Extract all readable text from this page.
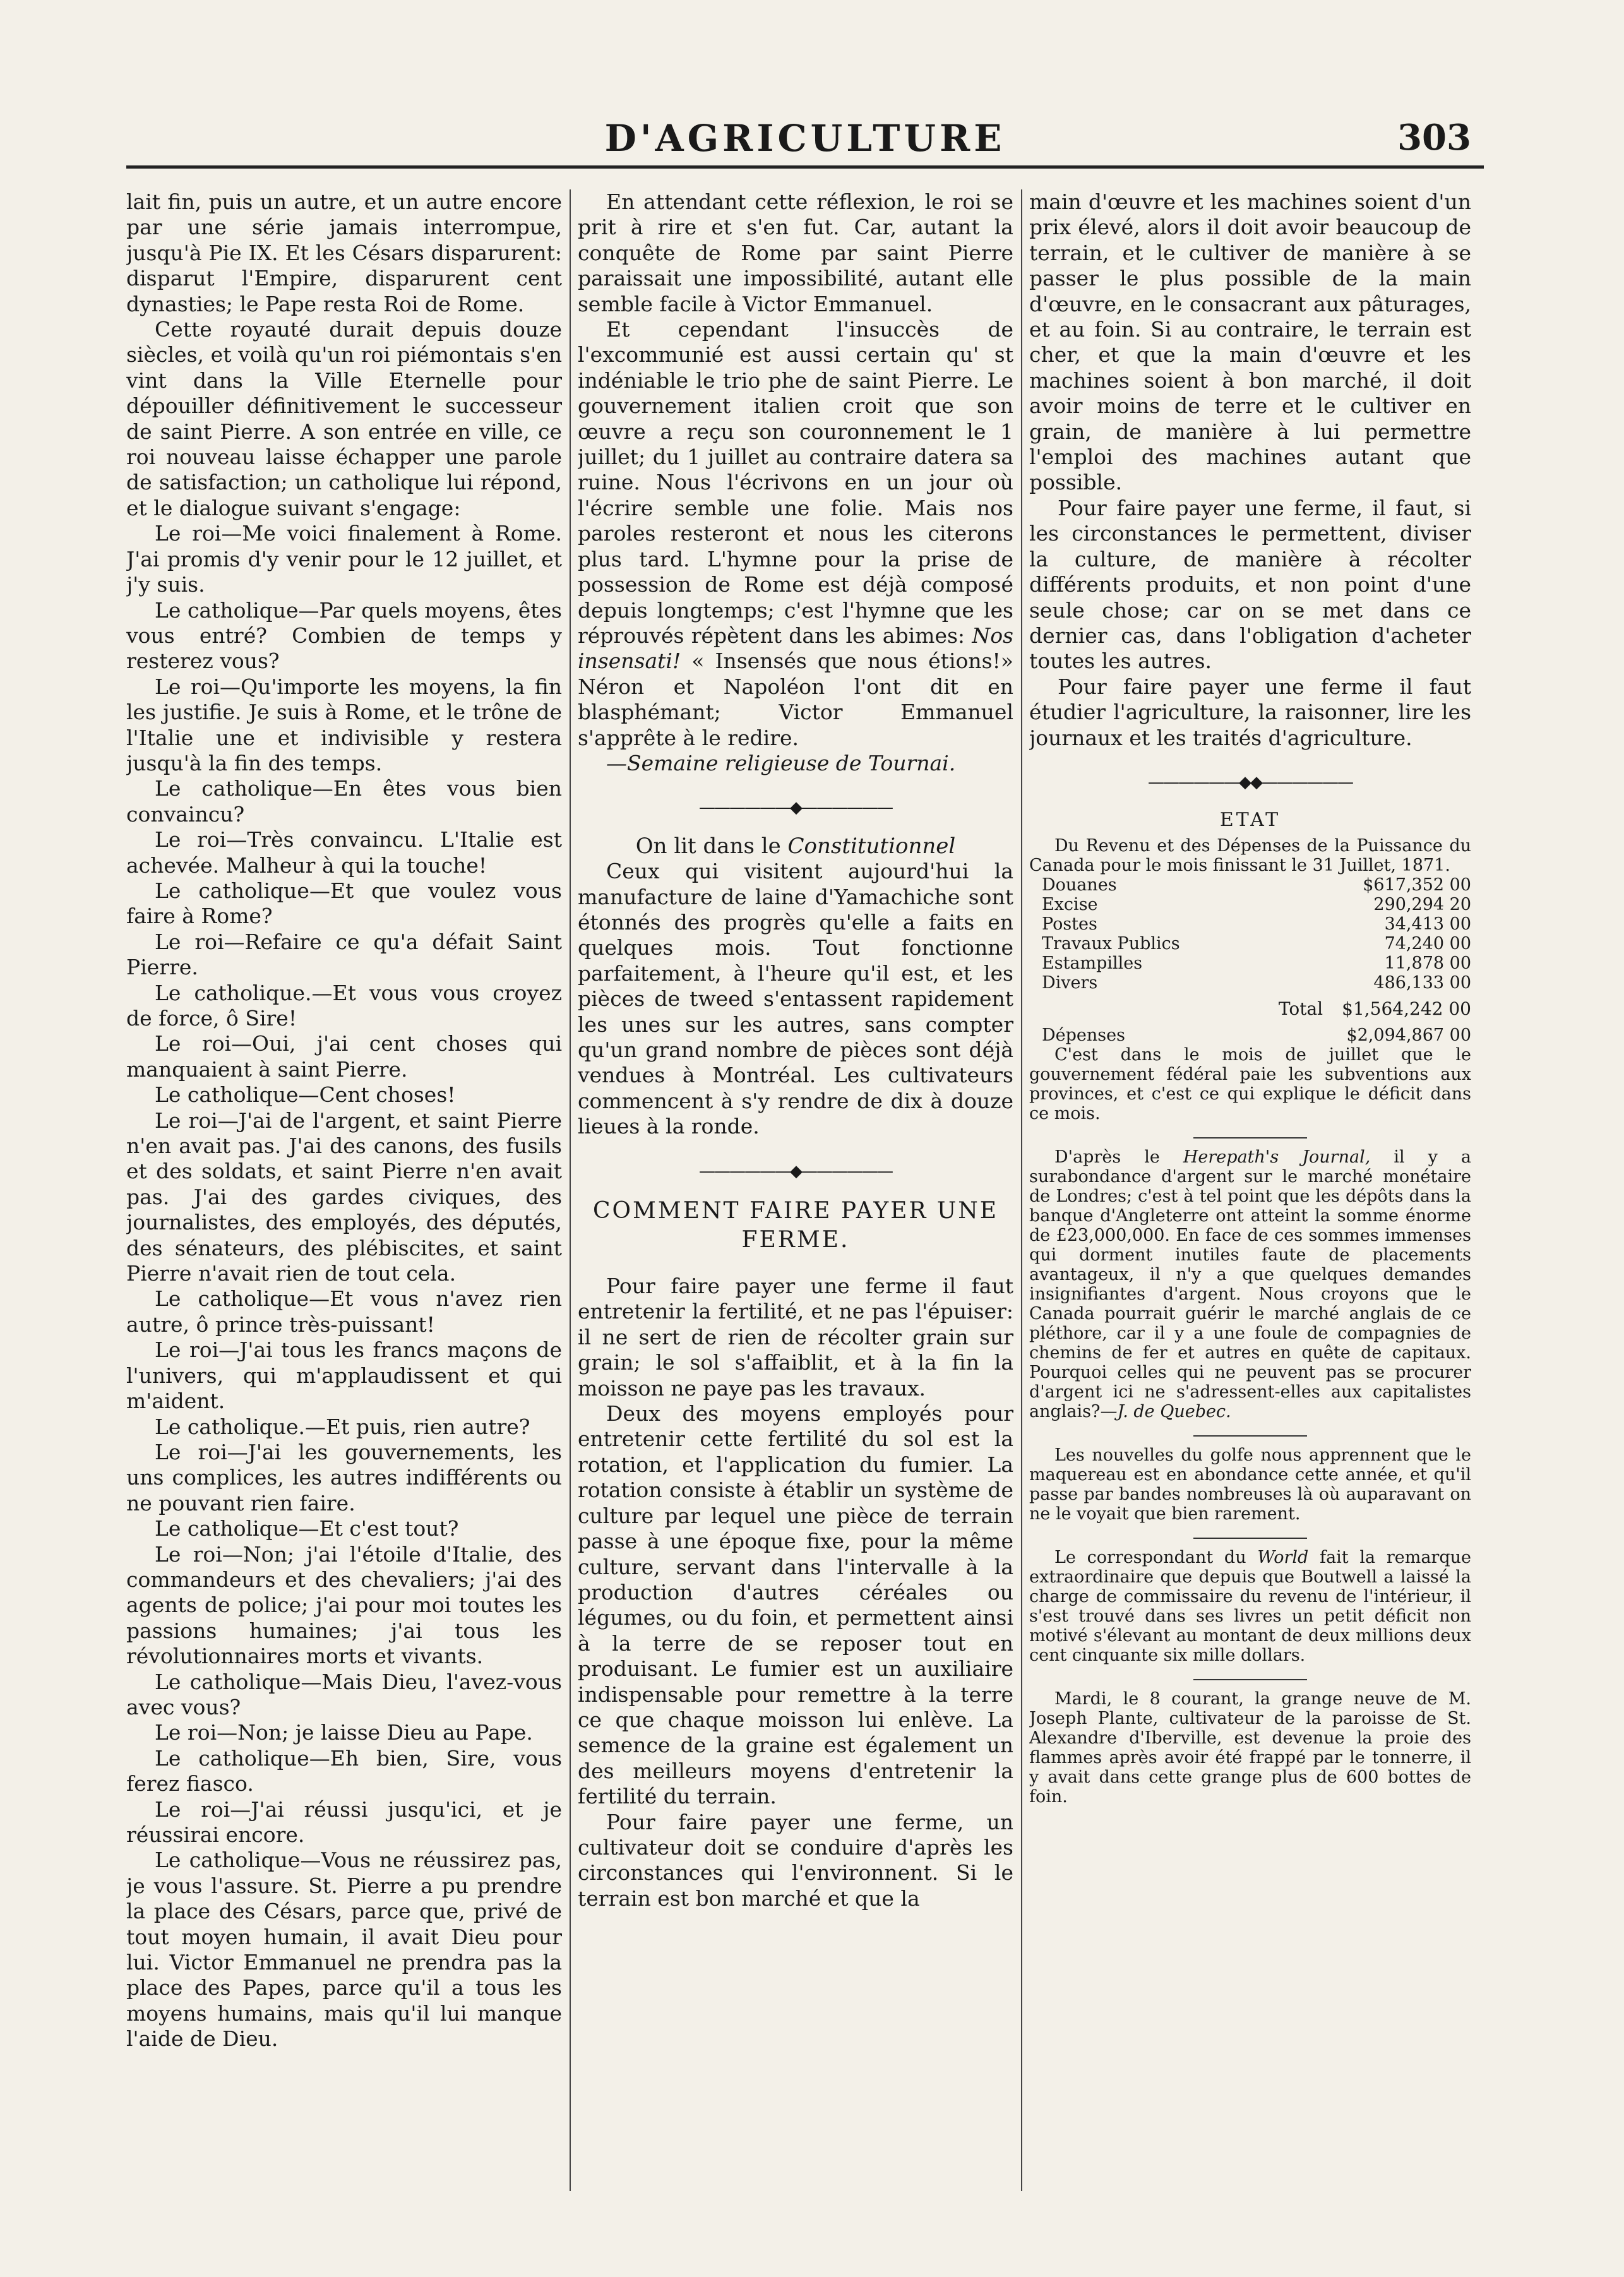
D'AGRICULTURE	303

lait fin, puis un autre, et un autre encore par une série jamais interrompue, jusqu'à Pie IX. Et les Césars disparurent: disparut l'Empire, disparurent cent dynasties; le Pape resta Roi de Rome.

Cette royauté durait depuis douze siècles, et voilà qu'un roi piémontais s'en vint dans la Ville Eternelle pour dépouiller définitivement le successeur de saint Pierre. A son entrée en ville, ce roi nouveau laisse échapper une parole de satisfaction; un catholique lui répond, et le dialogue suivant s'engage:

Le roi—Me voici finalement à Rome. J'ai promis d'y venir pour le 12 juillet, et j'y suis.

Le catholique—Par quels moyens, êtes vous entré? Combien de temps y resterez vous?

Le roi—Qu'importe les moyens, la fin les justifie. Je suis à Rome, et le trône de l'Italie une et indivisible y restera jusqu'à la fin des temps.

Le catholique—En êtes vous bien convaincu?

Le roi—Très convaincu. L'Italie est achevée. Malheur à qui la touche!

Le catholique—Et que voulez vous faire à Rome?

Le roi—Refaire ce qu'a défait Saint Pierre.

Le catholique.—Et vous vous croyez de force, ô Sire!

Le roi—Oui, j'ai cent choses qui manquaient à saint Pierre.

Le catholique—Cent choses!

Le roi—J'ai de l'argent, et saint Pierre n'en avait pas. J'ai des canons, des fusils et des soldats, et saint Pierre n'en avait pas. J'ai des gardes civiques, des journalistes, des employés, des députés, des sénateurs, des plébiscites, et saint Pierre n'avait rien de tout cela.

Le catholique—Et vous n'avez rien autre, ô prince très-puissant!

Le roi—J'ai tous les francs maçons de l'univers, qui m'applaudissent et qui m'aident.

Le catholique.—Et puis, rien autre?

Le roi—J'ai les gouvernements, les uns complices, les autres indifférents ou ne pouvant rien faire.

Le catholique—Et c'est tout?

Le roi—Non; j'ai l'étoile d'Italie, des commandeurs et des chevaliers; j'ai des agents de police; j'ai pour moi toutes les passions humaines; j'ai tous les révolutionnaires morts et vivants.

Le catholique—Mais Dieu, l'avez-vous avec vous?

Le roi—Non; je laisse Dieu au Pape.

Le catholique—Eh bien, Sire, vous ferez fiasco.

Le roi—J'ai réussi jusqu'ici, et je réussirai encore.

Le catholique—Vous ne réussirez pas, je vous l'assure. St. Pierre a pu prendre la place des Césars, parce que, privé de tout moyen humain, il avait Dieu pour lui. Victor Emmanuel ne prendra pas la place des Papes, parce qu'il a tous les moyens humains, mais qu'il lui manque l'aide de Dieu.

En attendant cette réflexion, le roi se prit à rire et s'en fut. Car, autant la conquête de Rome par saint Pierre paraissait une impossibilité, autant elle semble facile à Victor Emmanuel.

Et cependant l'insuccès de l'excommunié est aussi certain qu' st indéniable le trio phe de saint Pierre. Le gouvernement italien croit que son œuvre a reçu son couronnement le 1 juillet; du 1 juillet au contraire datera sa ruine. Nous l'écrivons en un jour où l'écrire semble une folie. Mais nos paroles resteront et nous les citerons plus tard. L'hymne pour la prise de possession de Rome est déjà composé depuis longtemps; c'est l'hymne que les réprouvés répètent dans les abimes: Nos insensati! « Insensés que nous étions!» Néron et Napoléon l'ont dit en blasphémant; Victor Emmanuel s'apprête à le redire.

—Semaine religieuse de Tournai.

——————◆——————

On lit dans le Constitutionnel

Ceux qui visitent aujourd'hui la manufacture de laine d'Yamachiche sont étonnés des progrès qu'elle a faits en quelques mois. Tout fonctionne parfaitement, à l'heure qu'il est, et les pièces de tweed s'entassent rapidement les unes sur les autres, sans compter qu'un grand nombre de pièces sont déjà vendues à Montréal. Les cultivateurs commencent à s'y rendre de dix à douze lieues à la ronde.

——————◆——————
COMMENT FAIRE PAYER UNE FERME.

Pour faire payer une ferme il faut entretenir la fertilité, et ne pas l'épuiser: il ne sert de rien de récolter grain sur grain; le sol s'affaiblit, et à la fin la moisson ne paye pas les travaux.

Deux des moyens employés pour entretenir cette fertilité du sol est la rotation, et l'application du fumier. La rotation consiste à établir un système de culture par lequel une pièce de terrain passe à une époque fixe, pour la même culture, servant dans l'intervalle à la production d'autres céréales ou légumes, ou du foin, et permettent ainsi à la terre de se reposer tout en produisant. Le fumier est un auxiliaire indispensable pour remettre à la terre ce que chaque moisson lui enlève. La semence de la graine est également un des meilleurs moyens d'entretenir la fertilité du terrain.

Pour faire payer une ferme, un cultivateur doit se conduire d'après les circonstances qui l'environnent. Si le terrain est bon marché et que la

main d'œuvre et les machines soient d'un prix élevé, alors il doit avoir beaucoup de terrain, et le cultiver de manière à se passer le plus possible de la main d'œuvre, en le consacrant aux pâturages, et au foin. Si au contraire, le terrain est cher, et que la main d'œuvre et les machines soient à bon marché, il doit avoir moins de terre et le cultiver en grain, de manière à lui permettre l'emploi des machines autant que possible.

Pour faire payer une ferme, il faut, si les circonstances le permettent, diviser la culture, de manière à récolter différents produits, et non point d'une seule chose; car on se met dans ce dernier cas, dans l'obligation d'acheter toutes les autres.

Pour faire payer une ferme il faut étudier l'agriculture, la raisonner, lire les journaux et les traités d'agriculture.

——————◆◆——————
ETAT

Du Revenu et des Dépenses de la Puissance du Canada pour le mois finissant le 31 Juillet, 1871.

Douanes	$617,352 00
Excise	290,294 20
Postes	34,413 00
Travaux Publics	74,240 00
Estampilles	11,878 00
Divers	486,133 00
Total $1,564,242 00
Dépenses	$2,094,867 00

C'est dans le mois de juillet que le gouvernement fédéral paie les subventions aux provinces, et c'est ce qui explique le déficit dans ce mois.

D'après le Herepath's Journal, il y a surabondance d'argent sur le marché monétaire de Londres; c'est à tel point que les dépôts dans la banque d'Angleterre ont atteint la somme énorme de £23,000,000. En face de ces sommes immenses qui dorment inutiles faute de placements avantageux, il n'y a que quelques demandes insignifiantes d'argent. Nous croyons que le Canada pourrait guérir le marché anglais de ce pléthore, car il y a une foule de compagnies de chemins de fer et autres en quête de capitaux. Pourquoi celles qui ne peuvent pas se procurer d'argent ici ne s'adressent-elles aux capitalistes anglais?—J. de Quebec.

Les nouvelles du golfe nous apprennent que le maquereau est en abondance cette année, et qu'il passe par bandes nombreuses là où auparavant on ne le voyait que bien rarement.

Le correspondant du World fait la remarque extraordinaire que depuis que Boutwell a laissé la charge de commissaire du revenu de l'intérieur, il s'est trouvé dans ses livres un petit déficit non motivé s'élevant au montant de deux millions deux cent cinquante six mille dollars.

Mardi, le 8 courant, la grange neuve de M. Joseph Plante, cultivateur de la paroisse de St. Alexandre d'Iberville, est devenue la proie des flammes après avoir été frappé par le tonnerre, il y avait dans cette grange plus de 600 bottes de foin.
